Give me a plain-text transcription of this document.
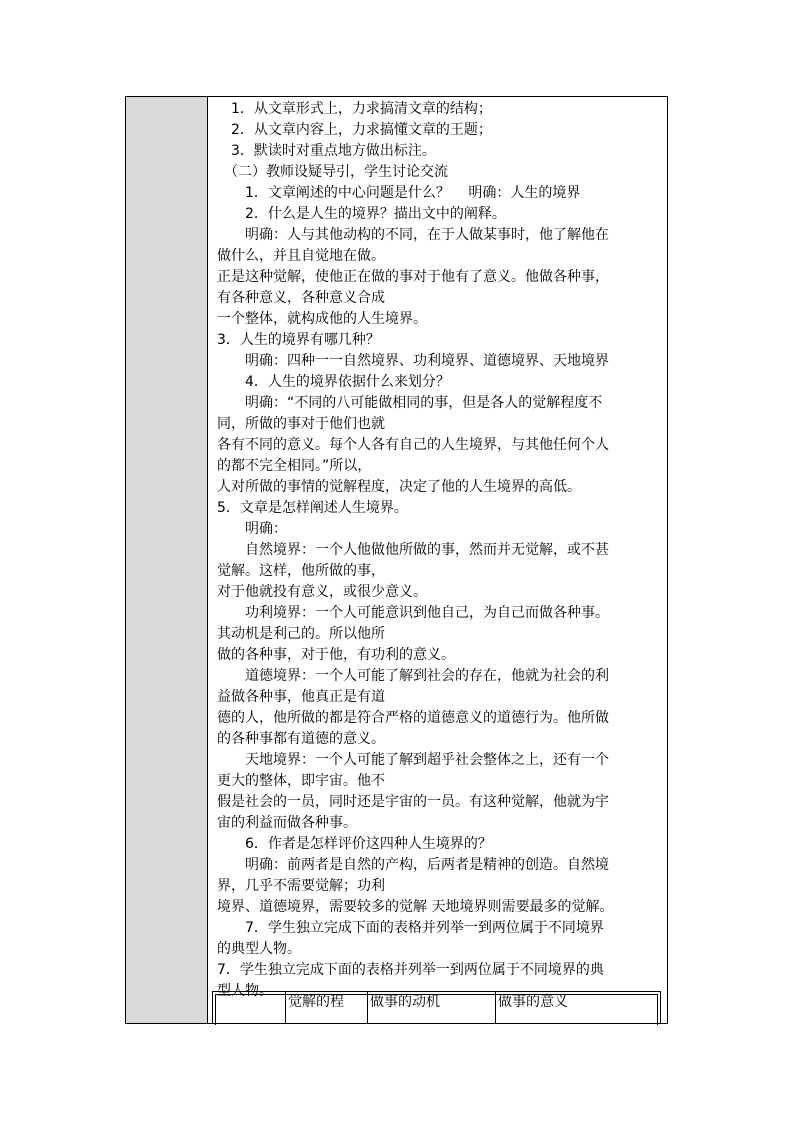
　1．从文章形式上，力求搞清文章的结构；
　2．从文章内容上，力求搞懂文章的王题；
　3．默读时对重点地方做出标注。
　（二）教师设疑导引，学生讨论交流
　　1．文章阐述的中心问题是什么？　 明确：人生的境界
　　2．什么是人生的境界？描出文中的阐释。
　　明确：人与其他动构的不同，在于人做某事时，他了解他在
做什么，并且自觉地在做。
正是这种觉解，使他正在做的事对于他有了意义。他做各种事，
有各种意义，各种意义合成
一个整体，就构成他的人生境界。
3．人生的境界有哪几种？
　　明确：四种一一自然境界、功利境界、道德境界、天地境界
　　4．人生的境界依据什么来划分？
　　明确：“不同的八可能做相同的事，但是各人的觉解程度不
同，所做的事对于他们也就
各有不同的意义。每个人各有自己的人生境界，与其他任何个人
的都不完全相同。”所以，
人对所做的事情的觉解程度，决定了他的人生境界的高低。
5．文章是怎样阐述人生境界。
　　明确：
　　自然境界：一个人他做他所做的事，然而并无觉解，或不甚
觉解。这样，他所做的事，
对于他就投有意义，或很少意义。
　　功利境界：一个人可能意识到他自己，为自己而做各种事。
其动机是利己的。所以他所
做的各种事，对于他，有功利的意义。
　　道德境界：一个人可能了解到社会的存在，他就为社会的利
益做各种事，他真正是有道
德的人，他所做的都是符合严格的道德意义的道德行为。他所做
的各种事都有道德的意义。
　　天地境界：一个人可能了解到超乎社会整体之上，还有一个
更大的整体，即宇宙。他不
假是社会的一员，同时还是宇宙的一员。有这种觉解，他就为宇
宙的利益而做各种事。
　　6．作者是怎样评价这四种人生境界的？
　　明确：前两者是自然的产构，后两者是精神的创造。自然境
界，几乎不需要觉解；功利
境界、道德境界，需要较多的觉解 天地境界则需要最多的觉解。
　　7．学生独立完成下面的表格并列举一到两位属于不同境界
的典型人物。
7．学生独立完成下面的表格并列举一到两位属于不同境界的典
型人物。
觉解的程	做事的动机	做事的意义
